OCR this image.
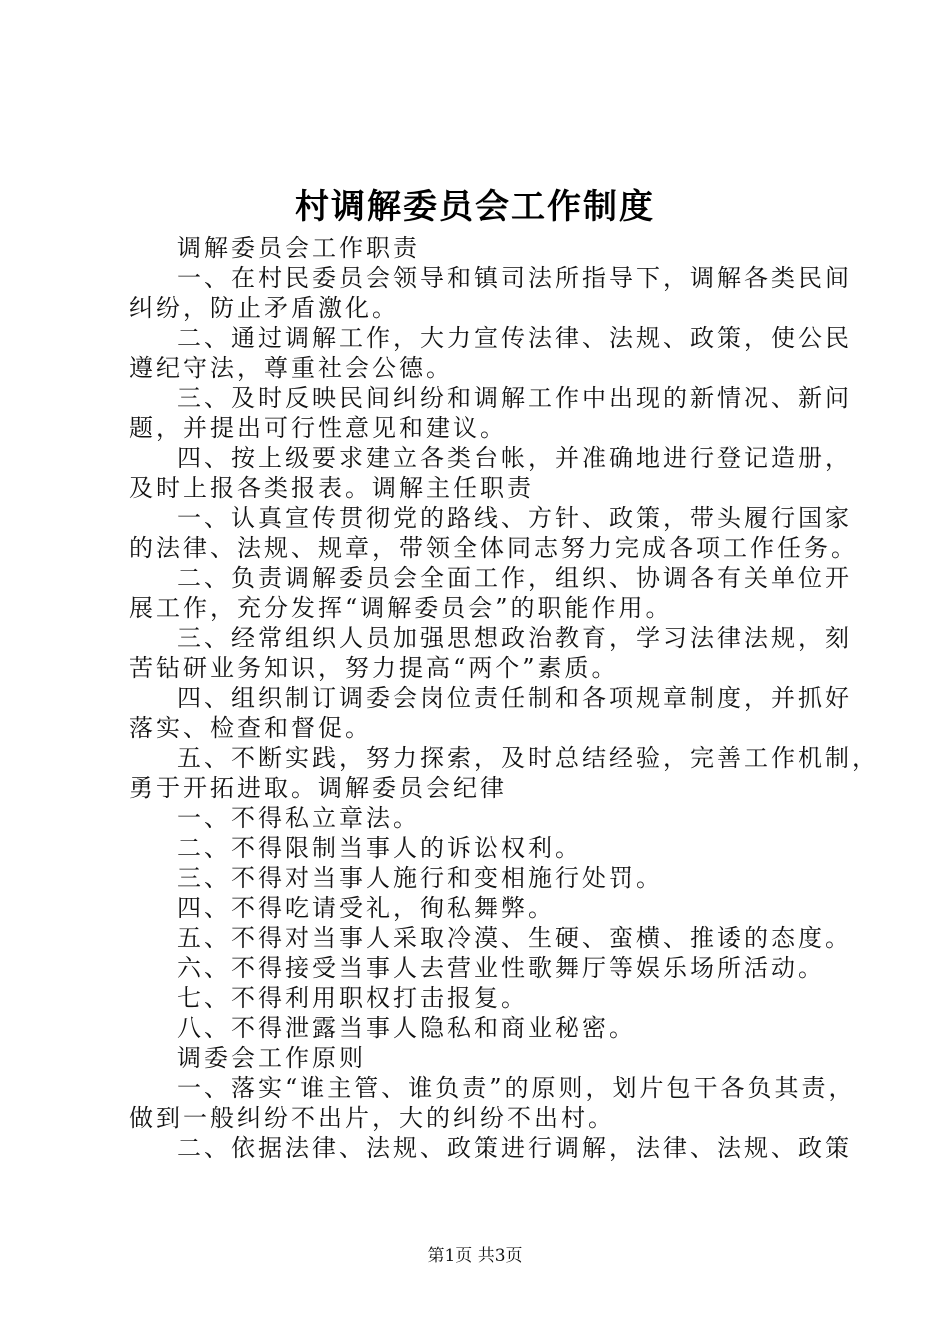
村调解委员会工作制度
调解委员会工作职责
一、在村民委员会领导和镇司法所指导下，调解各类民间
纠纷，防止矛盾激化。
二、通过调解工作，大力宣传法律、法规、政策，使公民
遵纪守法，尊重社会公德。
三、及时反映民间纠纷和调解工作中出现的新情况、新问
题，并提出可行性意见和建议。
四、按上级要求建立各类台帐，并准确地进行登记造册，
及时上报各类报表。调解主任职责
一、认真宣传贯彻党的路线、方针、政策，带头履行国家
的法律、法规、规章，带领全体同志努力完成各项工作任务。
二、负责调解委员会全面工作，组织、协调各有关单位开
展工作，充分发挥“调解委员会”的职能作用。
三、经常组织人员加强思想政治教育，学习法律法规，刻
苦钻研业务知识，努力提高“两个”素质。
四、组织制订调委会岗位责任制和各项规章制度，并抓好
落实、检查和督促。
五、不断实践，努力探索，及时总结经验，完善工作机制，
勇于开拓进取。调解委员会纪律
一、不得私立章法。
二、不得限制当事人的诉讼权利。
三、不得对当事人施行和变相施行处罚。
四、不得吃请受礼，徇私舞弊。
五、不得对当事人采取冷漠、生硬、蛮横、推诿的态度。
六、不得接受当事人去营业性歌舞厅等娱乐场所活动。
七、不得利用职权打击报复。
八、不得泄露当事人隐私和商业秘密。
调委会工作原则
一、落实“谁主管、谁负责”的原则，划片包干各负其责，
做到一般纠纷不出片，大的纠纷不出村。
二、依据法律、法规、政策进行调解，法律、法规、政策
第1页 共3页
